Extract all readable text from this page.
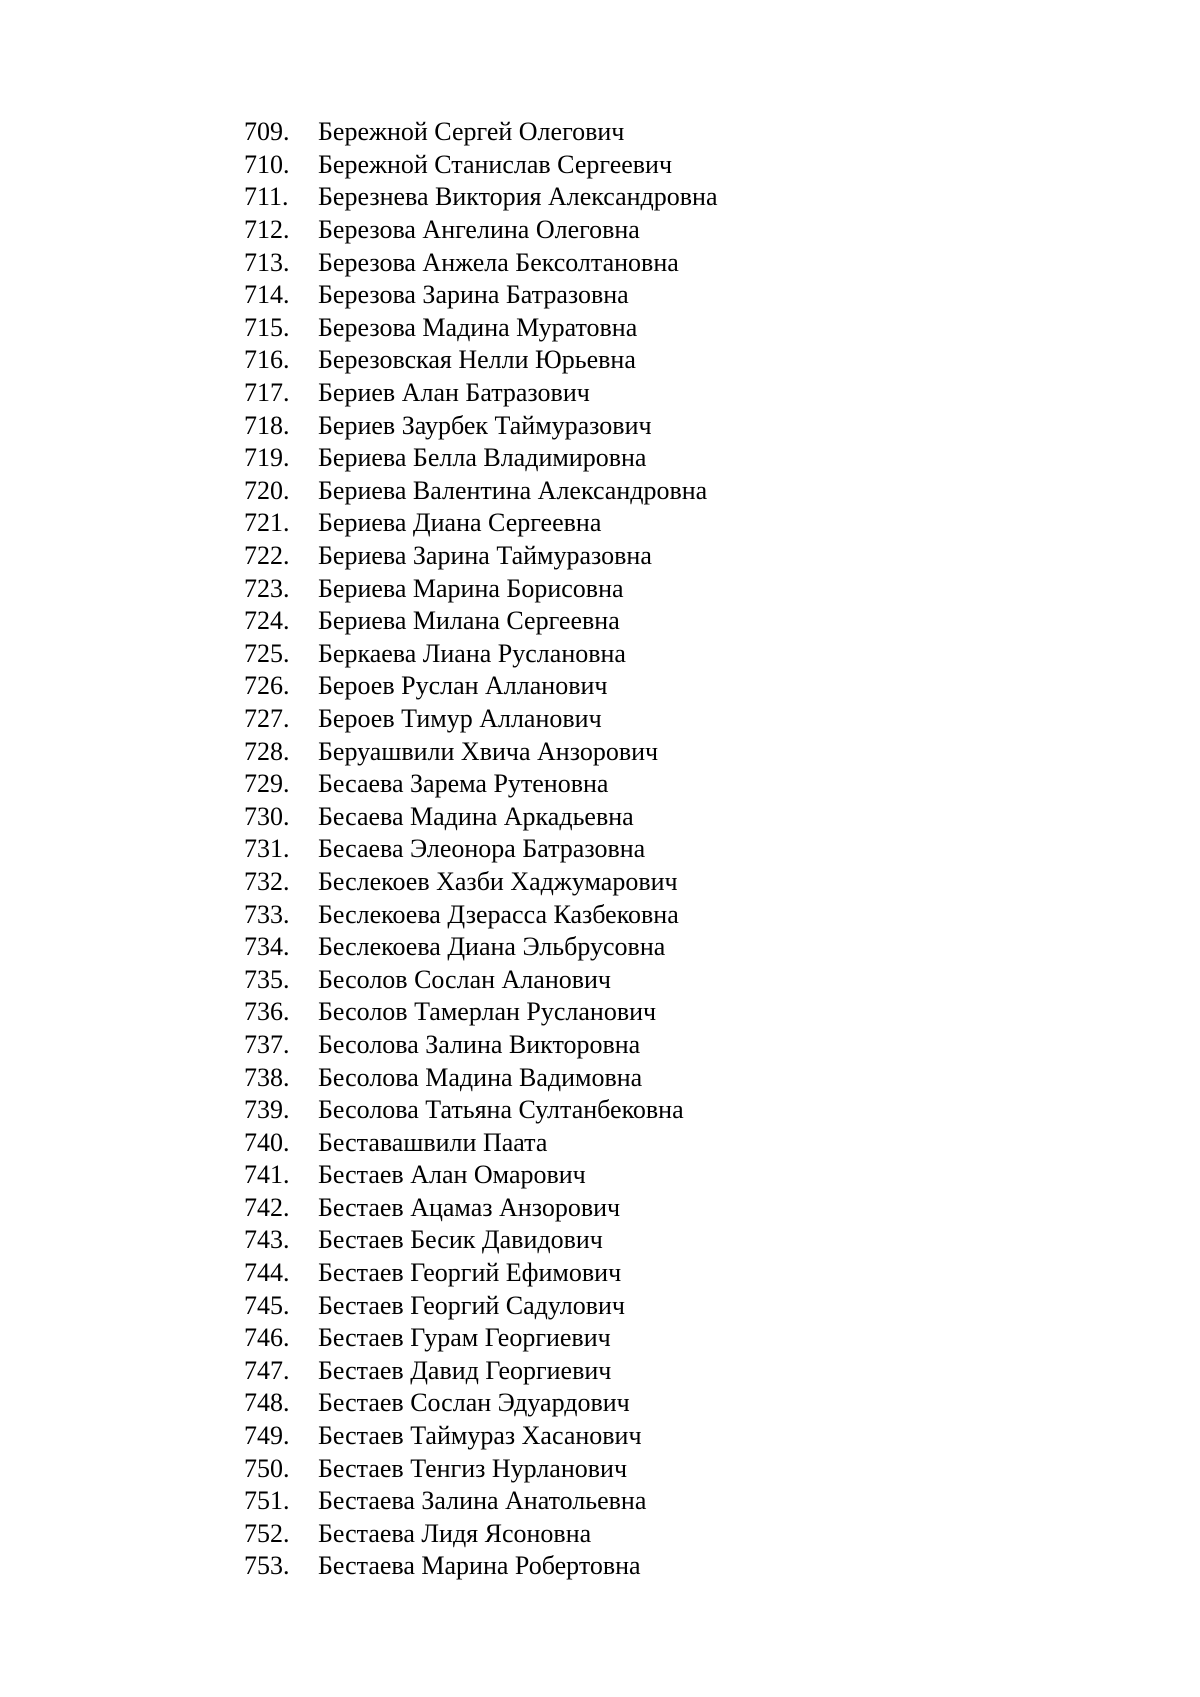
709.	Бережной Сергей Олегович
710.	Бережной Станислав Сергеевич
711.	Березнева Виктория Александровна
712.	Березова Ангелина Олеговна
713.	Березова Анжела Бексолтановна
714.	Березова Зарина Батразовна
715.	Березова Мадина Муратовна
716.	Березовская Нелли Юрьевна
717.	Бериев Алан Батразович
718.	Бериев Заурбек Таймуразович
719.	Бериева Белла Владимировна
720.	Бериева Валентина Александровна
721.	Бериева Диана Сергеевна
722.	Бериева Зарина Таймуразовна
723.	Бериева Марина Борисовна
724.	Бериева Милана Сергеевна
725.	Беркаева Лиана Руслановна
726.	Бероев Руслан Алланович
727.	Бероев Тимур Алланович
728.	Беруашвили Хвича Анзорович
729.	Бесаева Зарема Рутеновна
730.	Бесаева Мадина Аркадьевна
731.	Бесаева Элеонора Батразовна
732.	Беслекоев Хазби Хаджумарович
733.	Беслекоева Дзерасса Казбековна
734.	Беслекоева Диана Эльбрусовна
735.	Бесолов Сослан Аланович
736.	Бесолов Тамерлан Русланович
737.	Бесолова Залина Викторовна
738.	Бесолова Мадина Вадимовна
739.	Бесолова Татьяна Султанбековна
740.	Беставашвили Паата
741.	Бестаев Алан Омарович
742.	Бестаев Ацамаз Анзорович
743.	Бестаев Бесик Давидович
744.	Бестаев Георгий Ефимович
745.	Бестаев Георгий Садулович
746.	Бестаев Гурам Георгиевич
747.	Бестаев Давид Георгиевич
748.	Бестаев Сослан Эдуардович
749.	Бестаев Таймураз Хасанович
750.	Бестаев Тенгиз Нурланович
751.	Бестаева Залина Анатольевна
752.	Бестаева Лидя Ясоновна
753.	Бестаева Марина Робертовна
